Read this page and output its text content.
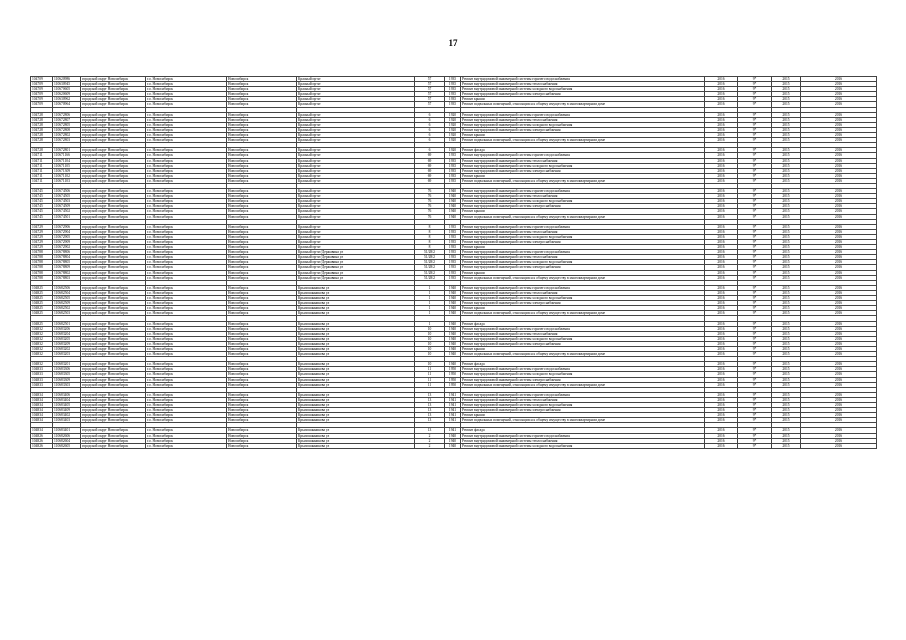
17
104709	110620986	городской округ Новосибирск	г.о. Новосибирск	Новосибирск	Красный пр-кт	57	1935	Ремонт внутридомовой инженерной системы горячего водоснабжения	2016	9*	2015	2016
104709	110630945	городской округ Новосибирск	г.о. Новосибирск	Новосибирск	Красный пр-кт	57	1935	Ремонт внутридомовой инженерной системы теплоснабжения	2016	9*	2015	2016
104709	110670605	городской округ Новосибирск	г.о. Новосибирск	Новосибирск	Красный пр-кт	57	1935	Ремонт внутридомовой инженерной системы холодного водоснабжения	2016	9*	2015	2016
104709	110620609	городской округ Новосибирск	г.о. Новосибирск	Новосибирск	Красный пр-кт	57	1935	Ремонт внутридомовой инженерной системы электроснабжения	2016	9*	2015	2016
104709	110630962	городской округ Новосибирск	г.о. Новосибирск	Новосибирск	Красный пр-кт	57	1935	Ремонт крыши	2016	9*	2015	2016
104709	110670964	городской округ Новосибирск	г.о. Новосибирск	Новосибирск	Красный пр-кт	57	1935	Ремонт подвальных помещений, относящихся к общему имуществу в многоквартирном доме	2016	9*	2015	2016

104728	110672806	городской округ Новосибирск	г.о. Новосибирск	Новосибирск	Красный пр-кт	6	1920	Ремонт внутридомовой инженерной системы горячего водоснабжения	2016	9*	2015	2016
104728	110672807	городской округ Новосибирск	г.о. Новосибирск	Новосибирск	Красный пр-кт	6	1920	Ремонт внутридомовой инженерной системы теплоснабжения	2016	9*	2015	2016
104728	110672805	городской округ Новосибирск	г.о. Новосибирск	Новосибирск	Красный пр-кт	6	1920	Ремонт внутридомовой инженерной системы холодного водоснабжения	2016	9*	2015	2016
104728	110672808	городской округ Новосибирск	г.о. Новосибирск	Новосибирск	Красный пр-кт	6	1920	Ремонт внутридомовой инженерной системы электроснабжения	2016	9*	2015	2016
104728	110672802	городской округ Новосибирск	г.о. Новосибирск	Новосибирск	Красный пр-кт	6	1920	Ремонт крыши	2016	9*	2015	2016
104728	110672803	городской округ Новосибирск	г.о. Новосибирск	Новосибирск	Красный пр-кт	6	1920	Ремонт подвальных помещений, относящихся к общему имуществу в многоквартирном доме	2016	9*	2015	2016

104728	110672801	городской округ Новосибирск	г.о. Новосибирск	Новосибирск	Красный пр-кт	6	1920	Ремонт фасада	2016	9*	2015	2016
104711	110671166	городской округ Новосибирск	г.о. Новосибирск	Новосибирск	Красный пр-кт	69	1935	Ремонт внутридомовой инженерной системы горячего водоснабжения	2016	9*	2015	2016
104711	110671104	городской округ Новосибирск	г.о. Новосибирск	Новосибирск	Красный пр-кт	69	1935	Ремонт внутридомовой инженерной системы теплоснабжения	2016	9*	2015	2016
104711	110671105	городской округ Новосибирск	г.о. Новосибирск	Новосибирск	Красный пр-кт	69	1935	Ремонт внутридомовой инженерной системы холодного водоснабжения	2016	9*	2015	2016
104711	110671309	городской округ Новосибирск	г.о. Новосибирск	Новосибирск	Красный пр-кт	69	1935	Ремонт внутридомовой инженерной системы электроснабжения	2016	9*	2015	2016
104711	110671102	городской округ Новосибирск	г.о. Новосибирск	Новосибирск	Красный пр-кт	69	1935	Ремонт крыши	2016	9*	2015	2016
104711	110671103	городской округ Новосибирск	г.о. Новосибирск	Новосибирск	Красный пр-кт	69	1935	Ремонт подвальных помещений, относящихся к общему имуществу в многоквартирном доме	2016	9*	2015	2016

104745	110674506	городской округ Новосибирск	г.о. Новосибирск	Новосибирск	Красный пр-кт	76	1940	Ремонт внутридомовой инженерной системы горячего водоснабжения	2016	9*	2015	2016
104745	110674505	городской округ Новосибирск	г.о. Новосибирск	Новосибирск	Красный пр-кт	76	1940	Ремонт внутридомовой инженерной системы теплоснабжения	2016	9*	2015	2016
104745	110674503	городской округ Новосибирск	г.о. Новосибирск	Новосибирск	Красный пр-кт	76	1940	Ремонт внутридомовой инженерной системы холодного водоснабжения	2016	9*	2015	2016
104745	110674509	городской округ Новосибирск	г.о. Новосибирск	Новосибирск	Красный пр-кт	76	1940	Ремонт внутридомовой инженерной системы электроснабжения	2016	9*	2015	2016
104745	110674502	городской округ Новосибирск	г.о. Новосибирск	Новосибирск	Красный пр-кт	76	1940	Ремонт крыши	2016	9*	2015	2016
104745	110674501	городской округ Новосибирск	г.о. Новосибирск	Новосибирск	Красный пр-кт	76	1940	Ремонт подвальных помещений, относящихся к общему имуществу в многоквартирном доме	2016	9*	2015	2016

104729	110672906	городской округ Новосибирск	г.о. Новосибирск	Новосибирск	Красный пр-кт	8	1935	Ремонт внутридомовой инженерной системы горячего водоснабжения	2016	9*	2015	2016
104729	110672904	городской округ Новосибирск	г.о. Новосибирск	Новосибирск	Красный пр-кт	8	1935	Ремонт внутридомовой инженерной системы теплоснабжения	2016	9*	2015	2016
104729	110672905	городской округ Новосибирск	г.о. Новосибирск	Новосибирск	Красный пр-кт	8	1935	Ремонт внутридомовой инженерной системы холодного водоснабжения	2016	9*	2015	2016
104729	110672909	городской округ Новосибирск	г.о. Новосибирск	Новосибирск	Красный пр-кт	8	1935	Ремонт внутридомовой инженерной системы электроснабжения	2016	9*	2015	2016
104729	110672902	городской округ Новосибирск	г.о. Новосибирск	Новосибирск	Красный пр-кт	8	1935	Ремонт крыши	2016	9*	2015	2016
104788	110678806	городской округ Новосибирск	г.о. Новосибирск	Новосибирск	Красный пр-кт/Державина ул	51/28/2	1935	Ремонт внутридомовой инженерной системы горячего водоснабжения	2016	9*	2015	2016
104788	110678804	городской округ Новосибирск	г.о. Новосибирск	Новосибирск	Красный пр-кт/Державина ул	51/28/2	1935	Ремонт внутридомовой инженерной системы теплоснабжения	2016	9*	2015	2016
104788	110678805	городской округ Новосибирск	г.о. Новосибирск	Новосибирск	Красный пр-кт/Державина ул	51/28/2	1935	Ремонт внутридомовой инженерной системы холодного водоснабжения	2016	9*	2015	2016
104788	110678809	городской округ Новосибирск	г.о. Новосибирск	Новосибирск	Красный пр-кт/Державина ул	51/28/2	1935	Ремонт внутридомовой инженерной системы электроснабжения	2016	9*	2015	2016
104788	110678802	городской округ Новосибирск	г.о. Новосибирск	Новосибирск	Красный пр-кт/Державина ул	51/28/2	1935	Ремонт крыши	2016	9*	2015	2016
104788	110678803	городской округ Новосибирск	г.о. Новосибирск	Новосибирск	Красный пр-кт/Державина ул	51/28/2	1935	Ремонт подвальных помещений, относящихся к общему имуществу в многоквартирном доме	2016	9*	2015	2016

104825	110682506	городской округ Новосибирск	г.о. Новосибирск	Новосибирск	Крылошанникова ул	1	1940	Ремонт внутридомовой инженерной системы горячего водоснабжения	2016	9*	2015	2016
104825	110682504	городской округ Новосибирск	г.о. Новосибирск	Новосибирск	Крылошанникова ул	1	1940	Ремонт внутридомовой инженерной системы теплоснабжения	2016	9*	2015	2016
104825	110682505	городской округ Новосибирск	г.о. Новосибирск	Новосибирск	Крылошанникова ул	1	1940	Ремонт внутридомовой инженерной системы холодного водоснабжения	2016	9*	2015	2016
104825	110682509	городской округ Новосибирск	г.о. Новосибирск	Новосибирск	Крылошанникова ул	1	1940	Ремонт внутридомовой инженерной системы электроснабжения	2016	9*	2015	2016
104825	110682502	городской округ Новосибирск	г.о. Новосибирск	Новосибирск	Крылошанникова ул	1	1940	Ремонт крыши	2016	9*	2015	2016
104825	110682503	городской округ Новосибирск	г.о. Новосибирск	Новосибирск	Крылошанникова ул	1	1940	Ремонт подвальных помещений, относящихся к общему имуществу в многоквартирном доме	2016	9*	2015	2016

104825	110682501	городской округ Новосибирск	г.о. Новосибирск	Новосибирск	Крылошанникова ул	1	1940	Ремонт фасада	2016	9*	2015	2016
104832	110683206	городской округ Новосибирск	г.о. Новосибирск	Новосибирск	Крылошанникова ул	10	1940	Ремонт внутридомовой инженерной системы горячего водоснабжения	2016	9*	2015	2016
104832	110683204	городской округ Новосибирск	г.о. Новосибирск	Новосибирск	Крылошанникова ул	10	1940	Ремонт внутридомовой инженерной системы теплоснабжения	2016	9*	2015	2016
104832	110683205	городской округ Новосибирск	г.о. Новосибирск	Новосибирск	Крылошанникова ул	10	1940	Ремонт внутридомовой инженерной системы холодного водоснабжения	2016	9*	2015	2016
104832	110683209	городской округ Новосибирск	г.о. Новосибирск	Новосибирск	Крылошанникова ул	10	1940	Ремонт внутридомовой инженерной системы электроснабжения	2016	9*	2015	2016
104832	110683202	городской округ Новосибирск	г.о. Новосибирск	Новосибирск	Крылошанникова ул	10	1940	Ремонт крыши	2016	9*	2015	2016
104832	110683203	городской округ Новосибирск	г.о. Новосибирск	Новосибирск	Крылошанникова ул	10	1940	Ремонт подвальных помещений, относящихся к общему имуществу в многоквартирном доме	2016	9*	2015	2016

104832	110683201	городской округ Новосибирск	г.о. Новосибирск	Новосибирск	Крылошанникова ул	10	1940	Ремонт фасада	2016	9*	2015	2016
104833	110683306	городской округ Новосибирск	г.о. Новосибирск	Новосибирск	Крылошанникова ул	11	1950	Ремонт внутридомовой инженерной системы горячего водоснабжения	2016	9*	2015	2016
104833	110683305	городской округ Новосибирск	г.о. Новосибирск	Новосибирск	Крылошанникова ул	11	1950	Ремонт внутридомовой инженерной системы холодного водоснабжения	2016	9*	2015	2016
104833	110683309	городской округ Новосибирск	г.о. Новосибирск	Новосибирск	Крылошанникова ул	11	1950	Ремонт внутридомовой инженерной системы электроснабжения	2016	9*	2015	2016
104833	110683303	городской округ Новосибирск	г.о. Новосибирск	Новосибирск	Крылошанникова ул	11	1950	Ремонт подвальных помещений, относящихся к общему имуществу в многоквартирном доме	2016	9*	2015	2016

104834	110683406	городской округ Новосибирск	г.о. Новосибирск	Новосибирск	Крылошанникова ул	13	1941	Ремонт внутридомовой инженерной системы горячего водоснабжения	2016	9*	2015	2016
104834	110683404	городской округ Новосибирск	г.о. Новосибирск	Новосибирск	Крылошанникова ул	13	1941	Ремонт внутридомовой инженерной системы теплоснабжения	2016	9*	2015	2016
104834	110683405	городской округ Новосибирск	г.о. Новосибирск	Новосибирск	Крылошанникова ул	13	1941	Ремонт внутридомовой инженерной системы холодного водоснабжения	2016	9*	2015	2016
104834	110683409	городской округ Новосибирск	г.о. Новосибирск	Новосибирск	Крылошанникова ул	13	1941	Ремонт внутридомовой инженерной системы электроснабжения	2016	9*	2015	2016
104834	110683402	городской округ Новосибирск	г.о. Новосибирск	Новосибирск	Крылошанникова ул	13	1941	Ремонт крыши	2016	9*	2015	2016
104834	110683403	городской округ Новосибирск	г.о. Новосибирск	Новосибирск	Крылошанникова ул	13	1941	Ремонт подвальных помещений, относящихся к общему имуществу в многоквартирном доме	2016	9*	2015	2016

104834	110683401	городской округ Новосибирск	г.о. Новосибирск	Новосибирск	Крылошанникова ул	13	1941	Ремонт фасада	2016	9*	2015	2016
104826	110682606	городской округ Новосибирск	г.о. Новосибирск	Новосибирск	Крылошанникова ул	2	1940	Ремонт внутридомовой инженерной системы горячего водоснабжения	2016	9*	2015	2016
104826	110682604	городской округ Новосибирск	г.о. Новосибирск	Новосибирск	Крылошанникова ул	2	1940	Ремонт внутридомовой инженерной системы теплоснабжения	2016	9*	2015	2016
104826	110682605	городской округ Новосибирск	г.о. Новосибирск	Новосибирск	Крылошанникова ул	2	1940	Ремонт внутридомовой инженерной системы холодного водоснабжения	2016	9*	2015	2016
